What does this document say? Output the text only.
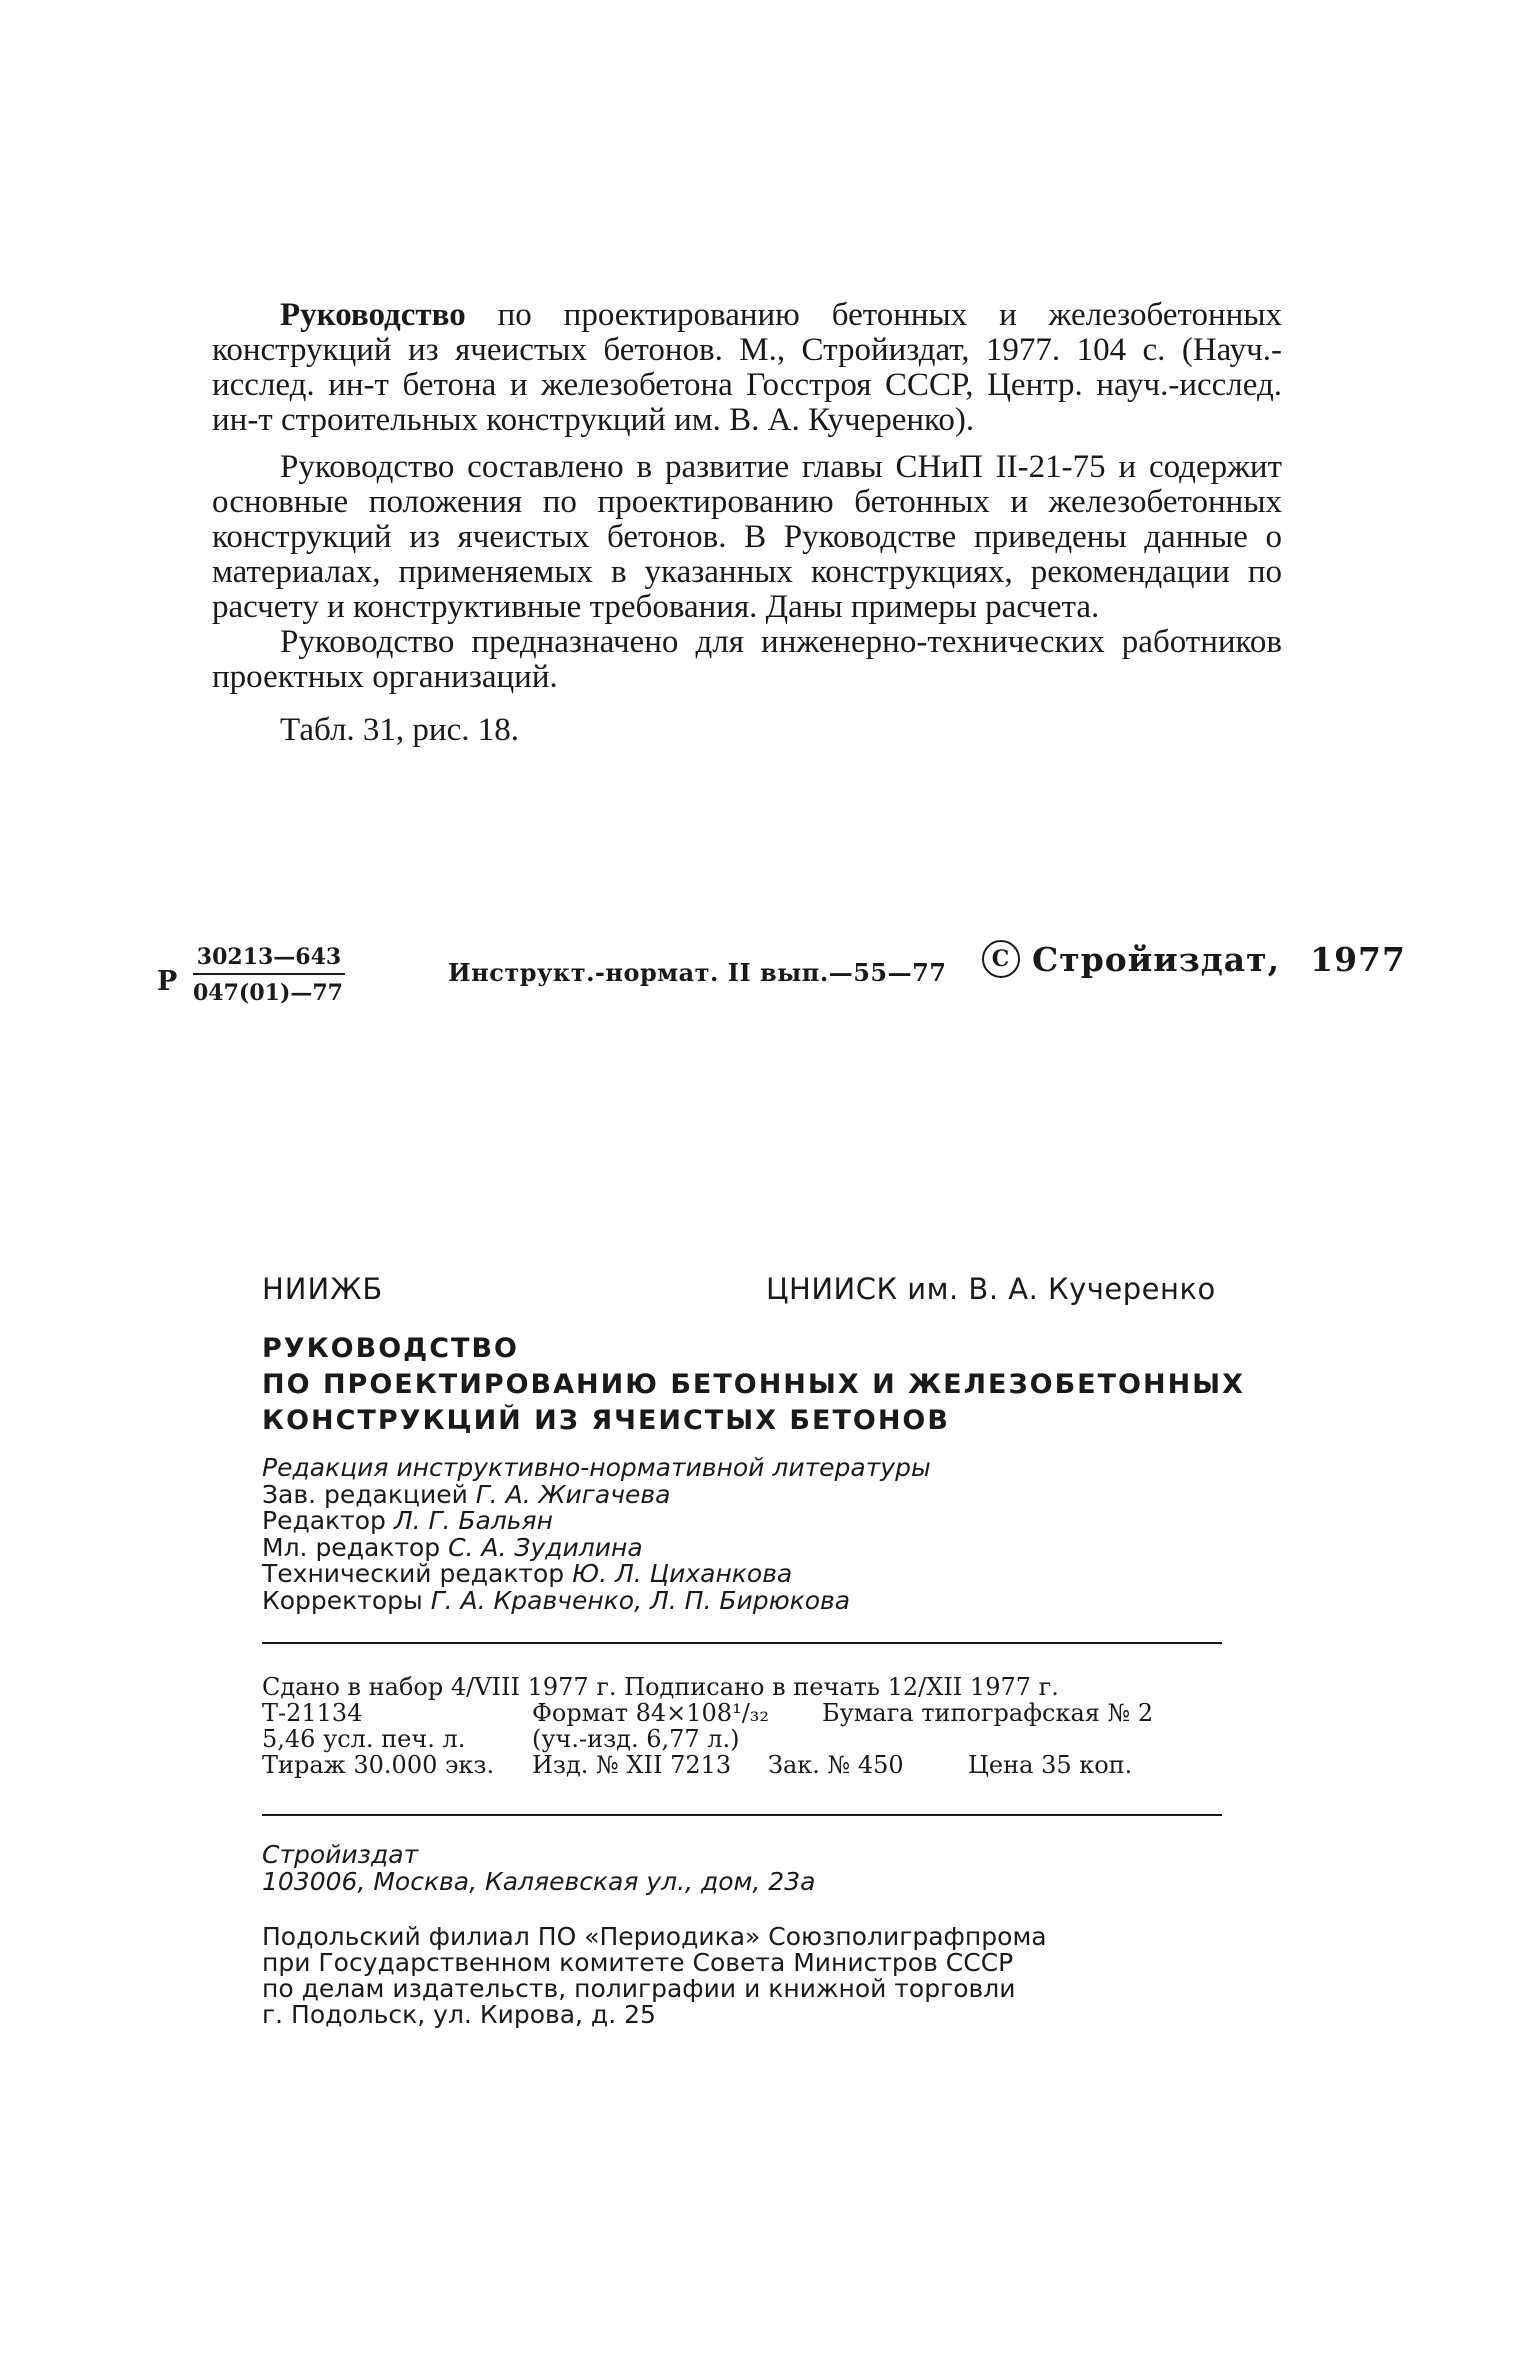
Руководство по проектированию бетонных и железобетонных конструкций из ячеистых бетонов. М., Стройиздат, 1977. 104 с. (Науч.-исслед. ин-т бетона и железобетона Госстроя СССР, Центр. науч.-исслед. ин-т строительных конструкций им. В. А. Кучеренко).

Руководство составлено в развитие главы СНиП II-21-75 и содержит основные положения по проектированию бетонных и железобетонных конструкций из ячеистых бетонов. В Руководстве приведены данные о материалах, применяемых в указанных конструкциях, рекомендации по расчету и конструктивные требования. Даны примеры расчета.

Руководство предназначено для инженерно-технических работников проектных организаций.

Табл. 31, рис. 18.

Р
30213—643
047(01)—77
Инструкт.-нормат. II вып.—55—77	C Стройиздат, 1977
НИИЖБ	ЦНИИСК им. В. А. Кучеренко
РУКОВОДСТВО
ПО ПРОЕКТИРОВАНИЮ БЕТОННЫХ И ЖЕЛЕЗОБЕТОННЫХ
КОНСТРУКЦИЙ ИЗ ЯЧЕИСТЫХ БЕТОНОВ
Редакция инструктивно-нормативной литературы
Зав. редакцией Г. А. Жигачева
Редактор Л. Г. Бальян
Мл. редактор С. А. Зудилина
Технический редактор Ю. Л. Циханкова
Корректоры Г. А. Кравченко, Л. П. Бирюкова
Сдано в набор 4/VIII 1977 г. Подписано в печать 12/XII 1977 г.
Т-21134	Формат 84×108¹/₃₂	Бумага типографская № 2
5,46 усл. печ. л.	(уч.-изд. 6,77 л.)
Тираж 30.000 экз.	Изд. № XII 7213	Зак. № 450	Цена 35 коп.
Стройиздат
103006, Москва, Каляевская ул., дом, 23а
Подольский филиал ПО «Периодика» Союзполиграфпрома
при Государственном комитете Совета Министров СССР
по делам издательств, полиграфии и книжной торговли
г. Подольск, ул. Кирова, д. 25
